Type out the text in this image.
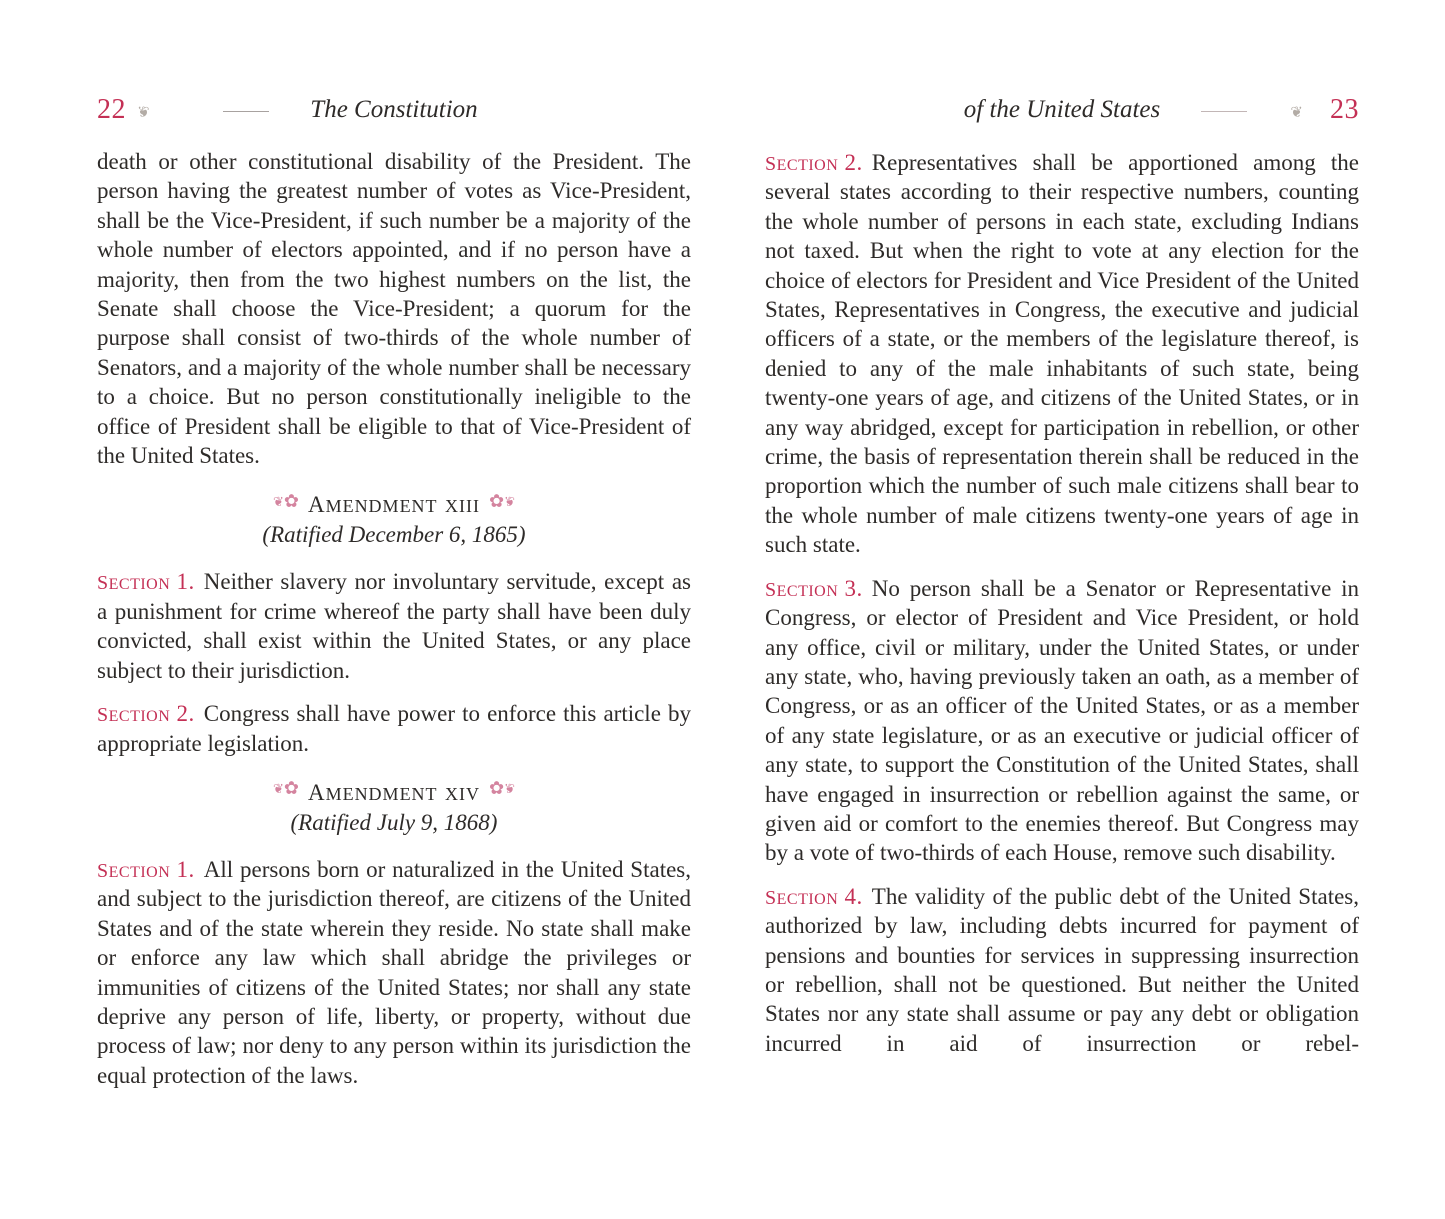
22 ❦	The Constitution

death or other constitutional disability of the President. The person having the greatest number of votes as Vice-President, shall be the Vice-President, if such number be a majority of the whole number of electors appointed, and if no person have a majority, then from the two highest numbers on the list, the Senate shall choose the Vice-President; a quorum for the purpose shall consist of two-thirds of the whole number of Senators, and a majority of the whole number shall be necessary to a choice. But no person constitutionally ineligible to the office of President shall be eligible to that of Vice-President of the United States.

❦✿ amendment xiii	❦✿
(Ratified December 6, 1865)

section 1. Neither slavery nor involuntary servitude, except as a punishment for crime whereof the party shall have been duly convicted, shall exist within the United States, or any place subject to their jurisdiction.

section 2. Congress shall have power to enforce this article by appropriate legislation.

❦✿ amendment xiv	❦✿
(Ratified July 9, 1868)

section 1. All persons born or naturalized in the United States, and subject to the jurisdiction thereof, are citizens of the United States and of the state wherein they reside. No state shall make or enforce any law which shall abridge the privileges or immunities of citizens of the United States; nor shall any state deprive any person of life, liberty, or property, without due process of law; nor deny to any person within its jurisdiction the equal protection of the laws.

of the United States	❦ 23

section 2. Representatives shall be apportioned among the several states according to their respective numbers, counting the whole number of persons in each state, excluding Indians not taxed. But when the right to vote at any election for the choice of electors for President and Vice President of the United States, Representatives in Congress, the executive and judicial officers of a state, or the members of the legislature thereof, is denied to any of the male inhabitants of such state, being twenty-one years of age, and citizens of the United States, or in any way abridged, except for participation in rebellion, or other crime, the basis of representation therein shall be reduced in the proportion which the number of such male citizens shall bear to the whole number of male citizens twenty-one years of age in such state.

section 3. No person shall be a Senator or Representative in Congress, or elector of President and Vice President, or hold any office, civil or military, under the United States, or under any state, who, having previously taken an oath, as a member of Congress, or as an officer of the United States, or as a member of any state legislature, or as an executive or judicial officer of any state, to support the Constitution of the United States, shall have engaged in insurrection or rebellion against the same, or given aid or comfort to the enemies thereof. But Congress may by a vote of two-thirds of each House, remove such disability.

section 4. The validity of the public debt of the United States, authorized by law, including debts incurred for payment of pensions and bounties for services in suppressing insurrection or rebellion, shall not be questioned. But neither the United States nor any state shall assume or pay any debt or obligation incurred in aid of insurrection or rebel-
